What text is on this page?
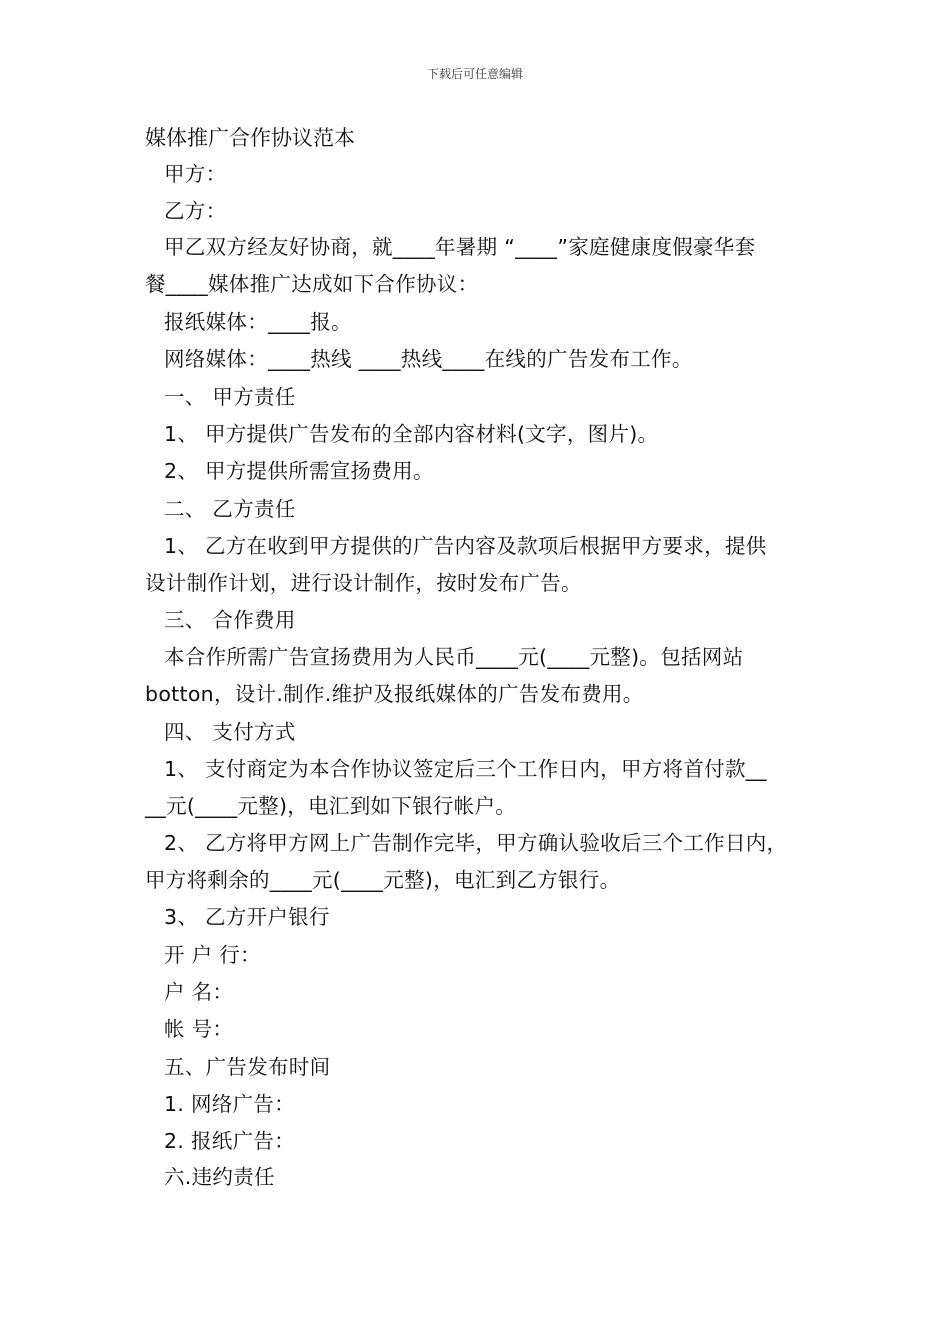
下载后可任意编辑
媒体推广合作协议范本
甲方：
乙方：
甲乙双方经友好协商，就____年暑期 “____”家庭健康度假豪华套
餐____媒体推广达成如下合作协议：
报纸媒体：____报。
网络媒体：____热线 ____热线____在线的广告发布工作。
一、 甲方责任
1、 甲方提供广告发布的全部内容材料(文字，图片)。
2、 甲方提供所需宣扬费用。
二、 乙方责任
1、 乙方在收到甲方提供的广告内容及款项后根据甲方要求，提供
设计制作计划，进行设计制作，按时发布广告。
三、 合作费用
本合作所需广告宣扬费用为人民币____元(____元整)。包括网站
botton，设计.制作.维护及报纸媒体的广告发布费用。
四、 支付方式
1、 支付商定为本合作协议签定后三个工作日内，甲方将首付款__
__元(____元整)，电汇到如下银行帐户。
2、 乙方将甲方网上广告制作完毕，甲方确认验收后三个工作日内，
甲方将剩余的____元(____元整)，电汇到乙方银行。
3、 乙方开户银行
开 户 行：
户 名：
帐 号：
五、广告发布时间
1. 网络广告：
2. 报纸广告：
六.违约责任
